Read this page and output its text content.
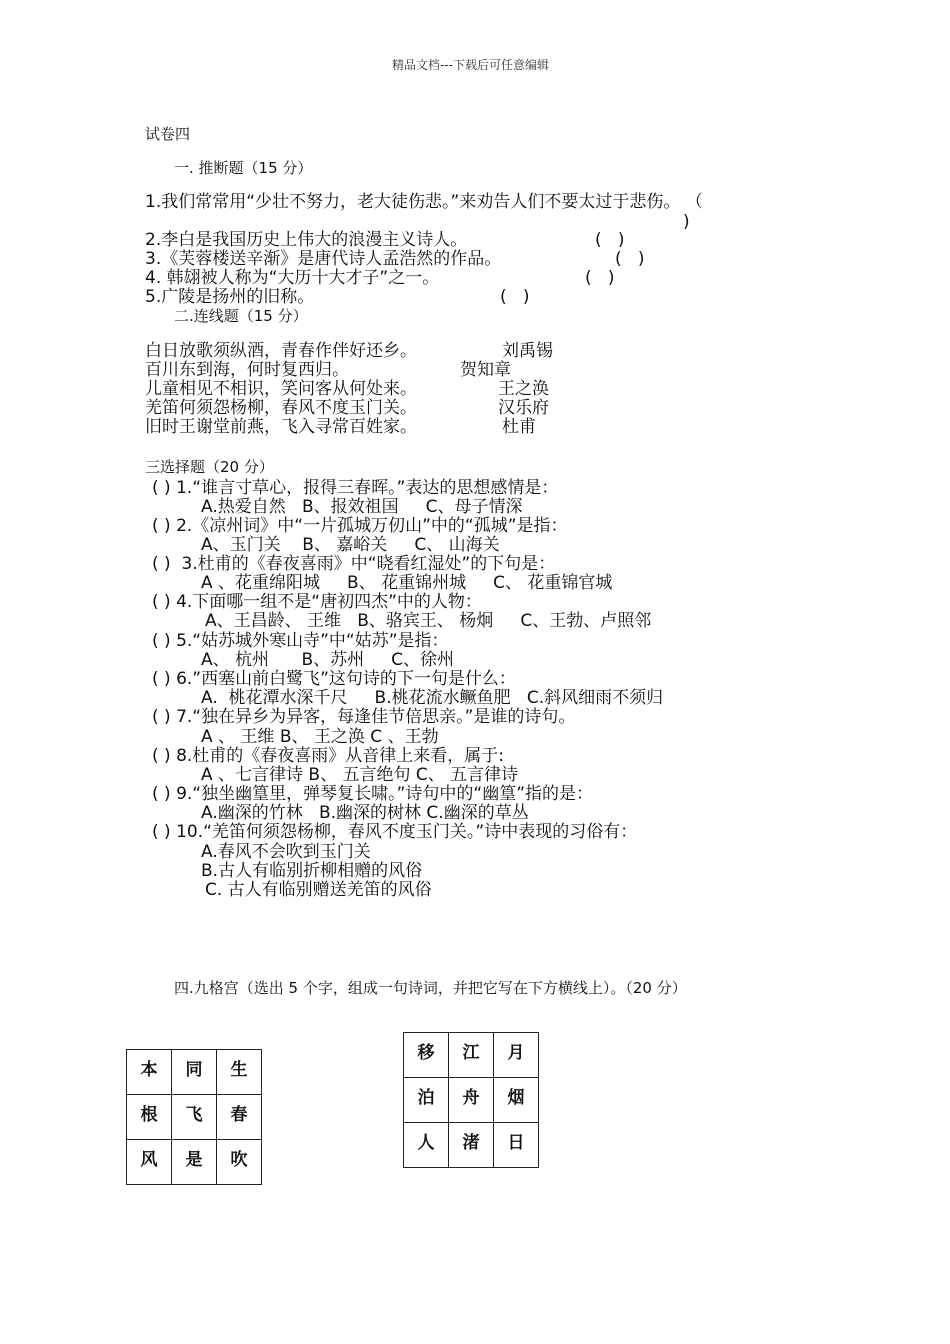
精品文档---下载后可任意编辑
试卷四
一. 推断题（15 分）
1.我们常常用“少壮不努力，老大徒伤悲。”来劝告人们不要太过于悲伤。 （
)
2.李白是我国历史上伟大的浪漫主义诗人。	(   )
3.《芙蓉楼送辛渐》是唐代诗人孟浩然的作品。	(   )
4. 韩翃被人称为“大历十大才子”之一。	(   )
5.广陵是扬州的旧称。	(   )
二.连线题（15 分）
白日放歌须纵酒，青春作伴好还乡。	刘禹锡
百川东到海，何时复西归。	贺知章
儿童相见不相识，笑问客从何处来。	王之涣
羌笛何须怨杨柳，春风不度玉门关。	汉乐府
旧时王谢堂前燕，飞入寻常百姓家。	杜甫
三选择题（20 分）
( ) 1.“谁言寸草心，报得三春晖。”表达的思想感情是：
A.热爱自然   B、报效祖国     C、母子情深
( ) 2.《凉州词》中“一片孤城万仞山”中的“孤城”是指：
A、玉门关    B、 嘉峪关     C、 山海关
( )  3.杜甫的《春夜喜雨》中“晓看红湿处”的下句是：
A 、花重绵阳城     B、 花重锦州城     C、 花重锦官城
( ) 4.下面哪一组不是“唐初四杰”中的人物：
A、王昌龄、 王维   B、骆宾王、 杨炯     C、王勃、卢照邻
( ) 5.“姑苏城外寒山寺”中“姑苏”是指：
A、 杭州      B、苏州     C、徐州
( ) 6.”西塞山前白鹭飞”这句诗的下一句是什么：
A.  桃花潭水深千尺     B.桃花流水鳜鱼肥   C.斜风细雨不须归
( ) 7.“独在异乡为异客，每逢佳节倍思亲。”是谁的诗句。
A 、 王维 B、 王之涣 C 、王勃
( ) 8.杜甫的《春夜喜雨》从音律上来看，属于:
A 、七言律诗 B、 五言绝句 C、 五言律诗
( ) 9.“独坐幽篁里，弹琴复长啸。”诗句中的“幽篁”指的是：
A.幽深的竹林   B.幽深的树林 C.幽深的草丛
( ) 10.“羌笛何须怨杨柳，春风不度玉门关。”诗中表现的习俗有：
A.春风不会吹到玉门关
B.古人有临别折柳相赠的风俗
C. 古人有临别赠送羌笛的风俗
四.九格宫（选出 5 个字，组成一句诗词，并把它写在下方横线上）。（20 分）
本	同	生

根	飞	春

风	是	吹
移	江	月

泊	舟	烟

人	渚	日
